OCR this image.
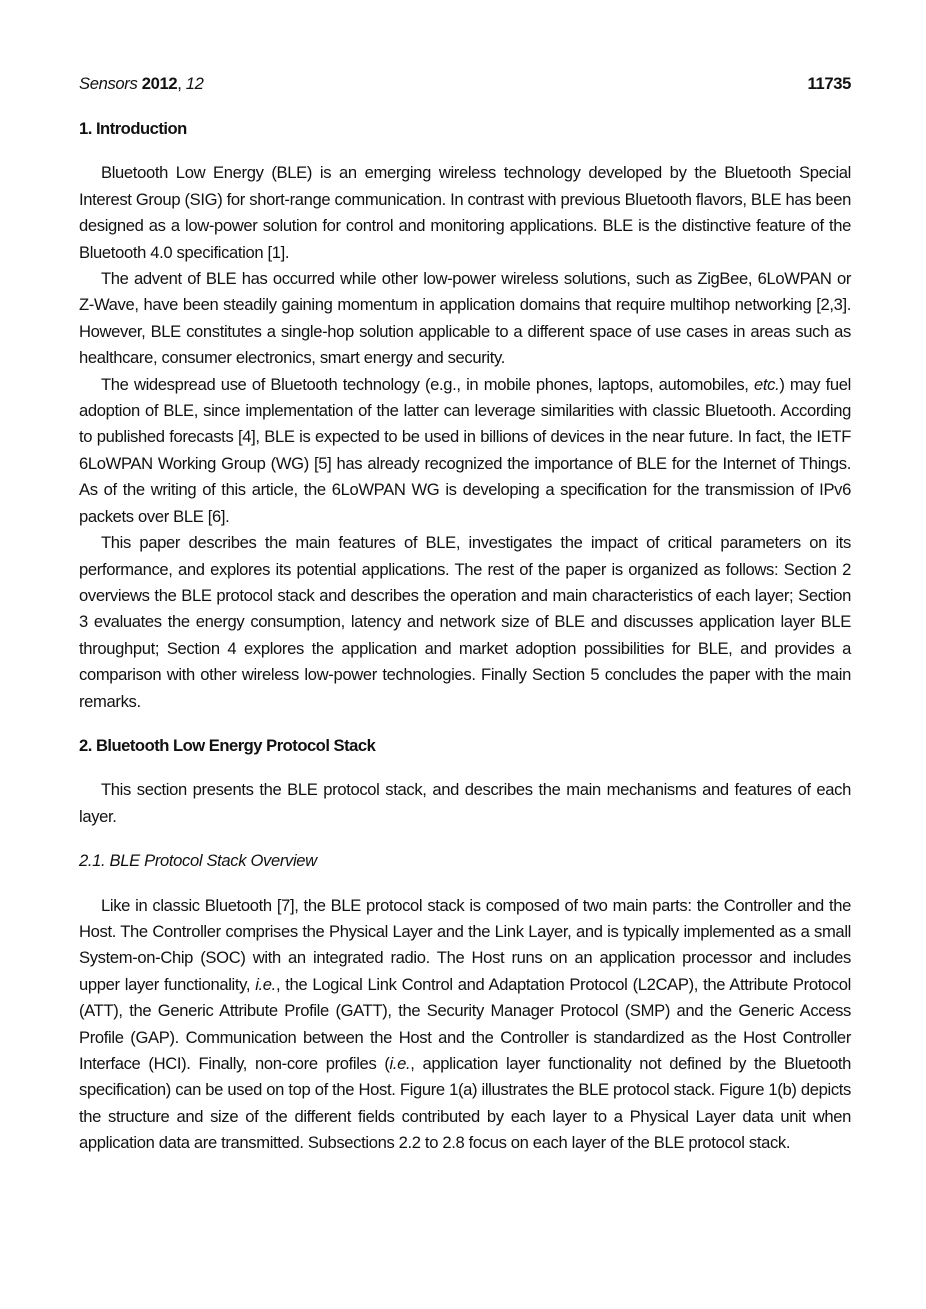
Sensors 2012, 12	11735
1. Introduction

Bluetooth Low Energy (BLE) is an emerging wireless technology developed by the Bluetooth Special Interest Group (SIG) for short-range communication. In contrast with previous Bluetooth flavors, BLE has been designed as a low-power solution for control and monitoring applications. BLE is the distinctive feature of the Bluetooth 4.0 specification [1].

The advent of BLE has occurred while other low-power wireless solutions, such as ZigBee, 6LoWPAN or Z-Wave, have been steadily gaining momentum in application domains that require multihop networking [2,3]. However, BLE constitutes a single-hop solution applicable to a different space of use cases in areas such as healthcare, consumer electronics, smart energy and security.

The widespread use of Bluetooth technology (e.g., in mobile phones, laptops, automobiles, etc.) may fuel adoption of BLE, since implementation of the latter can leverage similarities with classic Bluetooth. According to published forecasts [4], BLE is expected to be used in billions of devices in the near future. In fact, the IETF 6LoWPAN Working Group (WG) [5] has already recognized the importance of BLE for the Internet of Things. As of the writing of this article, the 6LoWPAN WG is developing a specification for the transmission of IPv6 packets over BLE [6].

This paper describes the main features of BLE, investigates the impact of critical parameters on its performance, and explores its potential applications. The rest of the paper is organized as follows: Section 2 overviews the BLE protocol stack and describes the operation and main characteristics of each layer; Section 3 evaluates the energy consumption, latency and network size of BLE and discusses application layer BLE throughput; Section 4 explores the application and market adoption possibilities for BLE, and provides a comparison with other wireless low-power technologies. Finally Section 5 concludes the paper with the main remarks.

2. Bluetooth Low Energy Protocol Stack

This section presents the BLE protocol stack, and describes the main mechanisms and features of each layer.

2.1. BLE Protocol Stack Overview

Like in classic Bluetooth [7], the BLE protocol stack is composed of two main parts: the Controller and the Host. The Controller comprises the Physical Layer and the Link Layer, and is typically implemented as a small System-on-Chip (SOC) with an integrated radio. The Host runs on an application processor and includes upper layer functionality, i.e., the Logical Link Control and Adaptation Protocol (L2CAP), the Attribute Protocol (ATT), the Generic Attribute Profile (GATT), the Security Manager Protocol (SMP) and the Generic Access Profile (GAP). Communication between the Host and the Controller is standardized as the Host Controller Interface (HCI). Finally, non-core profiles (i.e., application layer functionality not defined by the Bluetooth specification) can be used on top of the Host. Figure 1(a) illustrates the BLE protocol stack. Figure 1(b) depicts the structure and size of the different fields contributed by each layer to a Physical Layer data unit when application data are transmitted. Subsections 2.2 to 2.8 focus on each layer of the BLE protocol stack.
